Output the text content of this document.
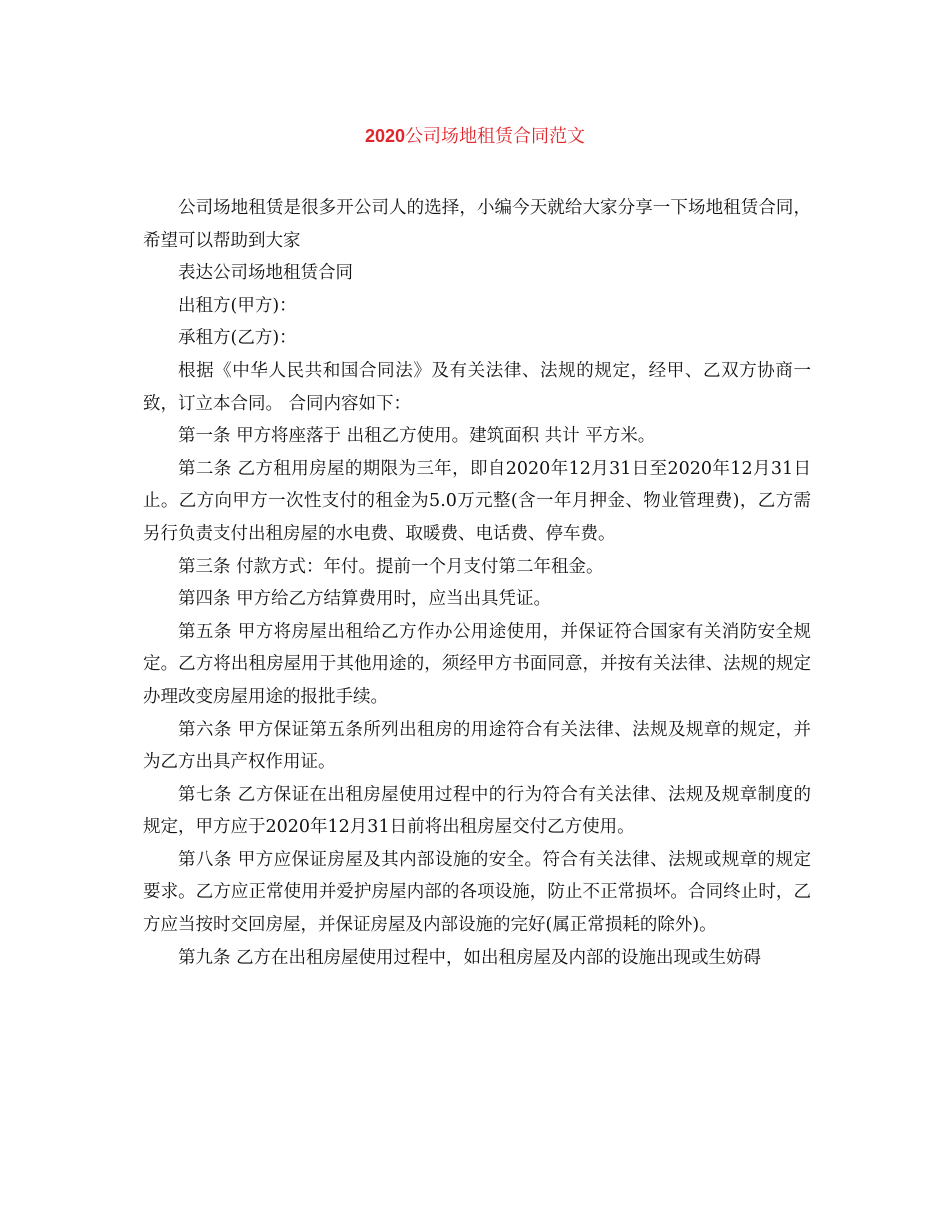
2020公司场地租赁合同范文

公司场地租赁是很多开公司人的选择，小编今天就给大家分享一下场地租赁合同，希望可以帮助到大家

表达公司场地租赁合同

出租方(甲方)：

承租方(乙方)：

根据《中华人民共和国合同法》及有关法律、法规的规定，经甲、乙双方协商一致，订立本合同。 合同内容如下：

第一条 甲方将座落于 出租乙方使用。建筑面积 共计 平方米。

第二条 乙方租用房屋的期限为三年，即自2020年12月31日至2020年12月31日止。乙方向甲方一次性支付的租金为5.0万元整(含一年月押金、物业管理费)，乙方需另行负责支付出租房屋的水电费、取暖费、电话费、停车费。

第三条 付款方式：年付。提前一个月支付第二年租金。

第四条 甲方给乙方结算费用时，应当出具凭证。

第五条 甲方将房屋出租给乙方作办公用途使用，并保证符合国家有关消防安全规定。乙方将出租房屋用于其他用途的，须经甲方书面同意，并按有关法律、法规的规定办理改变房屋用途的报批手续。

第六条 甲方保证第五条所列出租房的用途符合有关法律、法规及规章的规定，并为乙方出具产权作用证。

第七条 乙方保证在出租房屋使用过程中的行为符合有关法律、法规及规章制度的规定，甲方应于2020年12月31日前将出租房屋交付乙方使用。

第八条 甲方应保证房屋及其内部设施的安全。符合有关法律、法规或规章的规定要求。乙方应正常使用并爱护房屋内部的各项设施，防止不正常损坏。合同终止时，乙方应当按时交回房屋，并保证房屋及内部设施的完好(属正常损耗的除外)。

第九条 乙方在出租房屋使用过程中，如出租房屋及内部的设施出现或生妨碍
